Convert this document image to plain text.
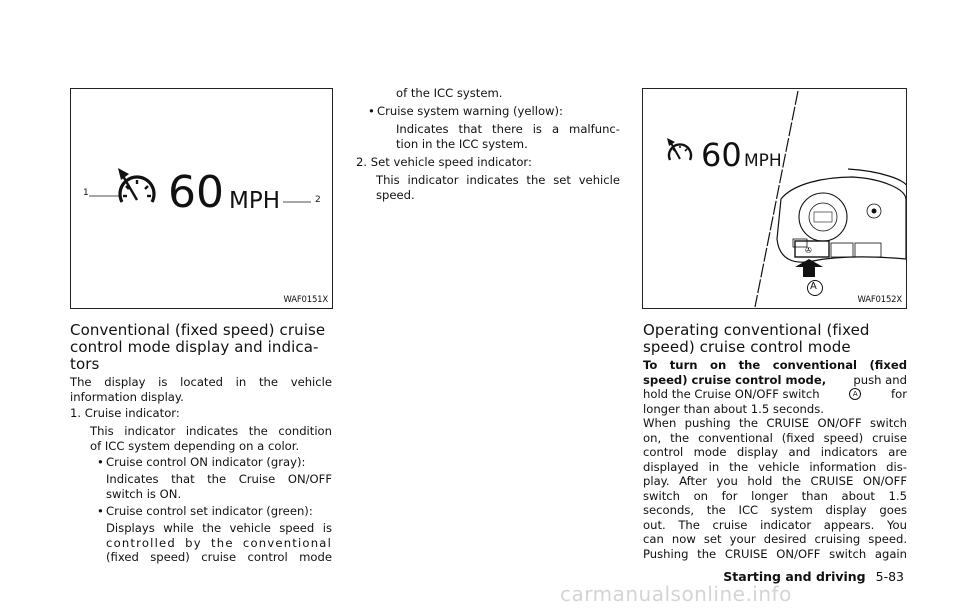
1
2
60 MPH
WAF0151X
Conventional (fixed speed) cruise
control mode display and indica-
tors
The display is located in the vehicle
information display.
1. Cruise indicator:
This indicator indicates the condition
of ICC system depending on a color.
• Cruise control ON indicator (gray):
Indicates that the Cruise ON/OFF
switch is ON.
• Cruise control set indicator (green):
Displays while the vehicle speed is
controlled by the conventional
(fixed speed) cruise control mode
of the ICC system.
• Cruise system warning (yellow):
Indicates that there is a malfunc-
tion in the ICC system.
2. Set vehicle speed indicator:
This indicator indicates the set vehicle
speed.
✇
60 MPH
A
WAF0152X
Operating conventional (fixed
speed) cruise control mode
To turn on the conventional (fixed
speed) cruise control mode, push and
hold the Cruise ON/OFF switch	A	for
longer than about 1.5 seconds.
When pushing the CRUISE ON/OFF switch
on, the conventional (fixed speed) cruise
control mode display and indicators are
displayed in the vehicle information dis-
play. After you hold the CRUISE ON/OFF
switch on for longer than about 1.5
seconds, the ICC system display goes
out. The cruise indicator appears. You
can now set your desired cruising speed.
Pushing the CRUISE ON/OFF switch again
Starting and driving 5-83
carmanualsonline.info
